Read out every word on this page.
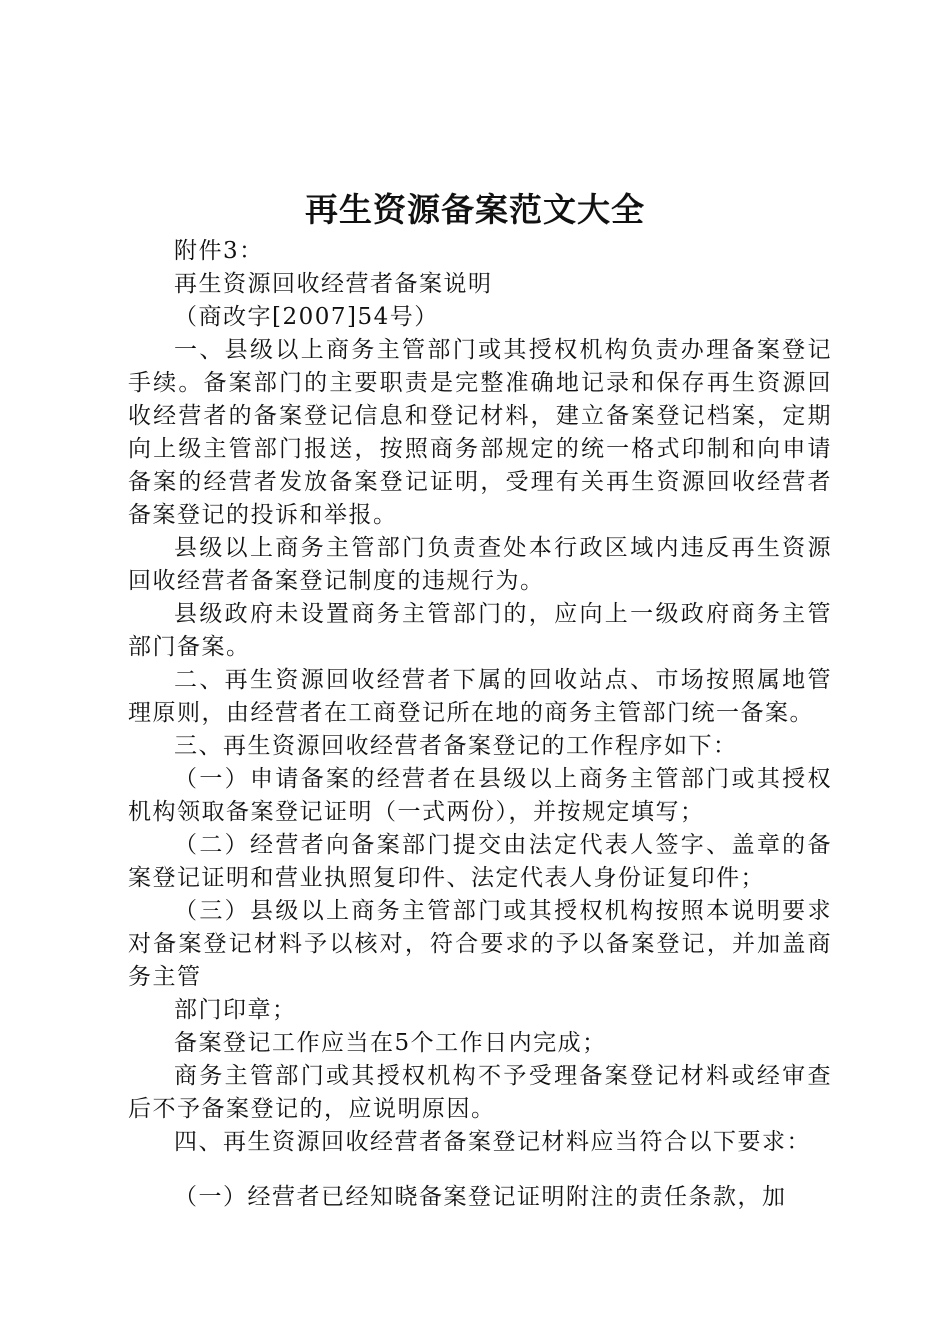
再生资源备案范文大全

附件3：

再生资源回收经营者备案说明

（商改字[2007]54号）

一、县级以上商务主管部门或其授权机构负责办理备案登记手续。备案部门的主要职责是完整准确地记录和保存再生资源回收经营者的备案登记信息和登记材料，建立备案登记档案，定期向上级主管部门报送，按照商务部规定的统一格式印制和向申请备案的经营者发放备案登记证明，受理有关再生资源回收经营者备案登记的投诉和举报。

县级以上商务主管部门负责查处本行政区域内违反再生资源回收经营者备案登记制度的违规行为。

县级政府未设置商务主管部门的，应向上一级政府商务主管部门备案。

二、再生资源回收经营者下属的回收站点、市场按照属地管理原则，由经营者在工商登记所在地的商务主管部门统一备案。

三、再生资源回收经营者备案登记的工作程序如下：

（一）申请备案的经营者在县级以上商务主管部门或其授权机构领取备案登记证明（一式两份），并按规定填写；

（二）经营者向备案部门提交由法定代表人签字、盖章的备案登记证明和营业执照复印件、法定代表人身份证复印件；

（三）县级以上商务主管部门或其授权机构按照本说明要求对备案登记材料予以核对，符合要求的予以备案登记，并加盖商务主管

部门印章；

备案登记工作应当在5个工作日内完成；

商务主管部门或其授权机构不予受理备案登记材料或经审查后不予备案登记的，应说明原因。

四、再生资源回收经营者备案登记材料应当符合以下要求：

（一）经营者已经知晓备案登记证明附注的责任条款，加
